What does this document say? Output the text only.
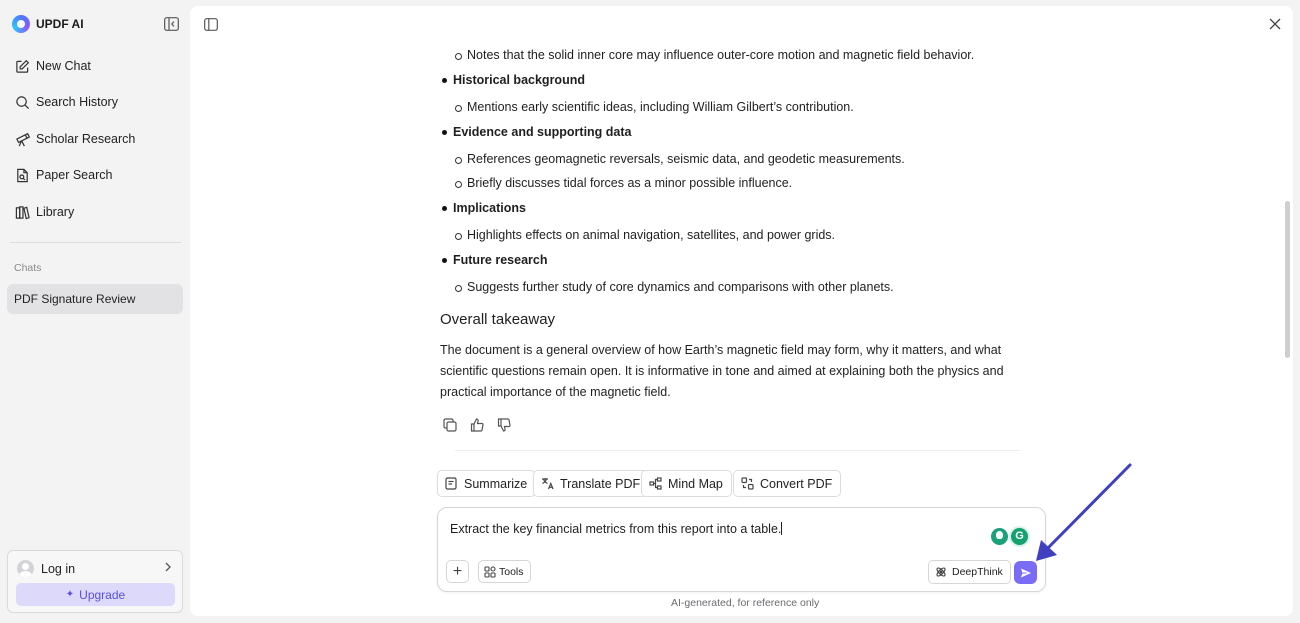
UPDF AI
New Chat
Search History
Scholar Research
Paper Search
Library
Chats
PDF Signature Review
Log in
✦ Upgrade
Notes that the solid inner core may influence outer-core motion and magnetic field behavior.
Historical background
Mentions early scientific ideas, including William Gilbert’s contribution.
Evidence and supporting data
References geomagnetic reversals, seismic data, and geodetic measurements.
Briefly discusses tidal forces as a minor possible influence.
Implications
Highlights effects on animal navigation, satellites, and power grids.
Future research
Suggests further study of core dynamics and comparisons with other planets.
Overall takeaway
The document is a general overview of how Earth’s magnetic field may form, why it matters, and what scientific questions remain open. It is informative in tone and aimed at explaining both the physics and practical importance of the magnetic field.
Summarize	Translate PDF Mind Map	Convert PDF
Extract the key financial metrics from this report into a table.	G
+	Tools	DeepThink
AI-generated, for reference only
